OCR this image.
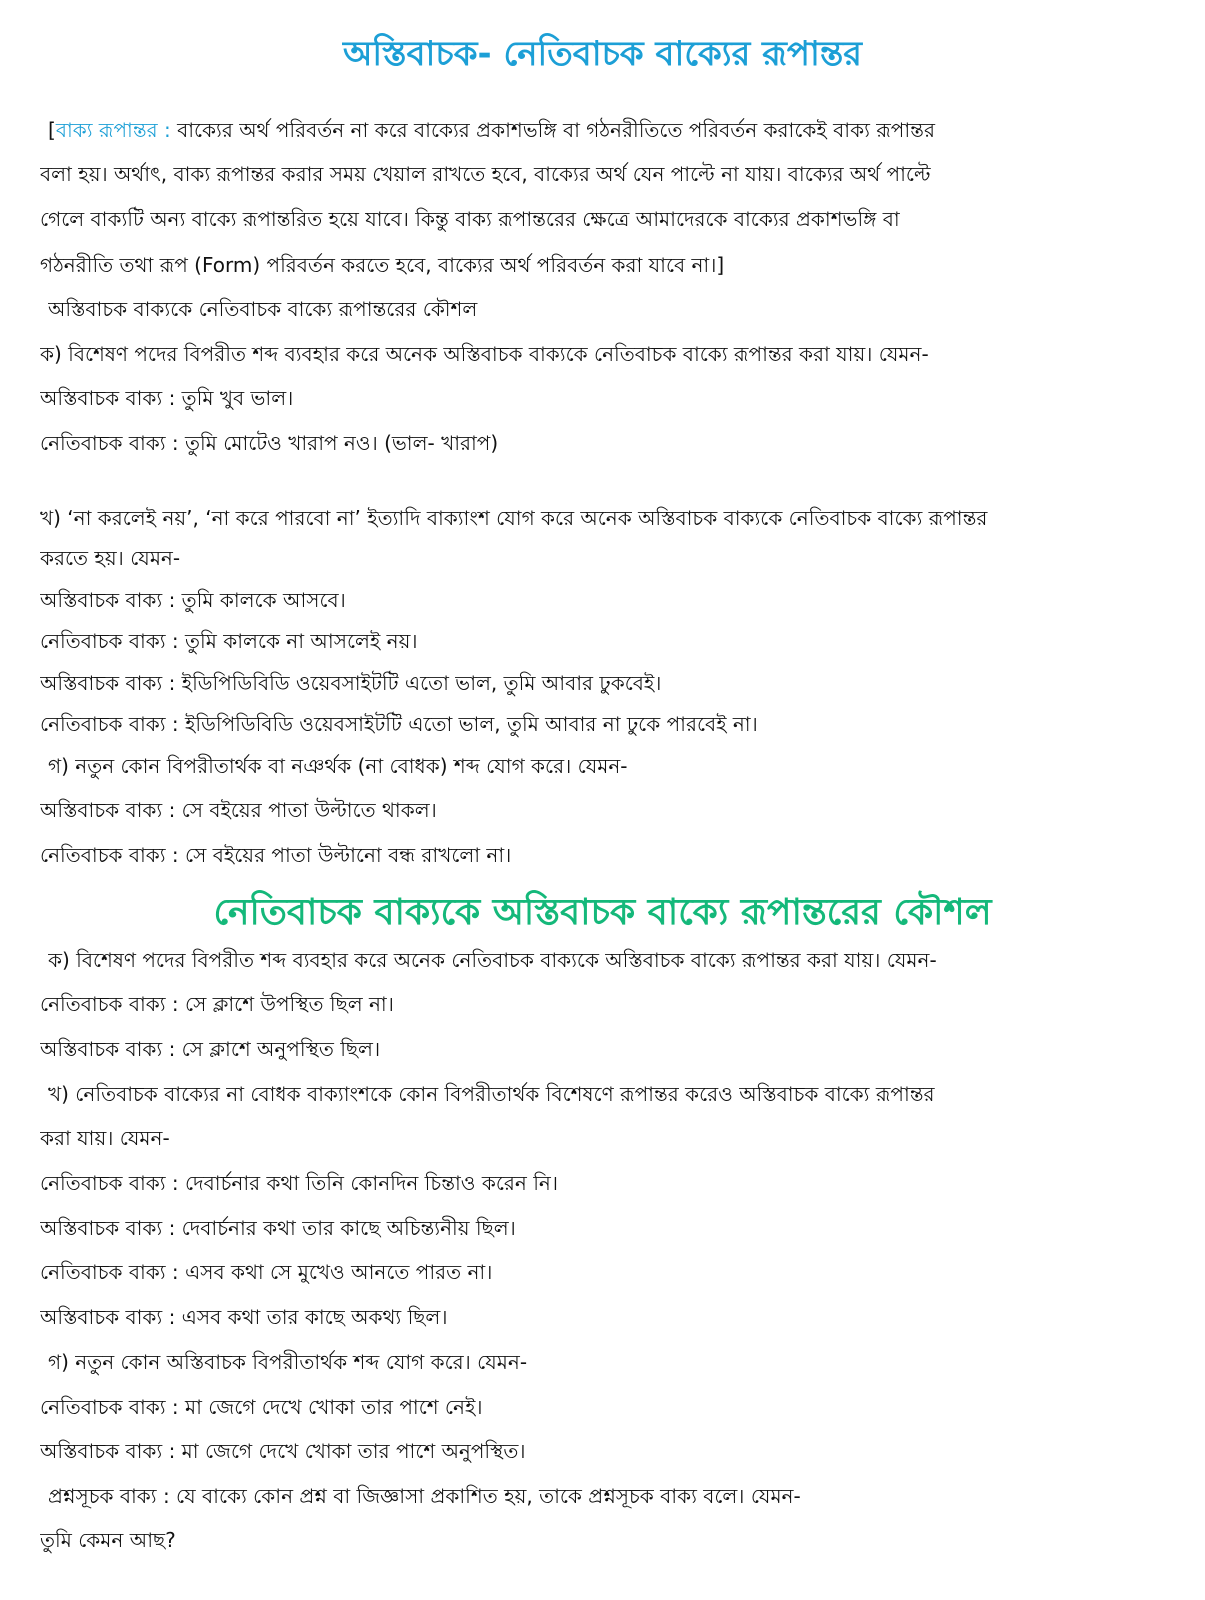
অস্তিবাচক- নেতিবাচক বাক্যের রূপান্তর
[বাক্য রূপান্তর : বাক্যের অর্থ পরিবর্তন না করে বাক্যের প্রকাশভঙ্গি বা গঠনরীতিতে পরিবর্তন করাকেই বাক্য রূপান্তর
বলা হয়। অর্থাৎ, বাক্য রূপান্তর করার সময় খেয়াল রাখতে হবে, বাক্যের অর্থ যেন পাল্টে না যায়। বাক্যের অর্থ পাল্টে
গেলে বাক্যটি অন্য বাক্যে রূপান্তরিত হয়ে যাবে। কিন্তু বাক্য রূপান্তরের ক্ষেত্রে আমাদেরকে বাক্যের প্রকাশভঙ্গি বা
গঠনরীতি তথা রূপ (Form) পরিবর্তন করতে হবে, বাক্যের অর্থ পরিবর্তন করা যাবে না।]
অস্তিবাচক বাক্যকে নেতিবাচক বাক্যে রূপান্তরের কৌশল
ক) বিশেষণ পদের বিপরীত শব্দ ব্যবহার করে অনেক অস্তিবাচক বাক্যকে নেতিবাচক বাক্যে রূপান্তর করা যায়। যেমন-
অস্তিবাচক বাক্য : তুমি খুব ভাল।
নেতিবাচক বাক্য : তুমি মোটেও খারাপ নও। (ভাল- খারাপ)
খ) ‘না করলেই নয়’, ‘না করে পারবো না’ ইত্যাদি বাক্যাংশ যোগ করে অনেক অস্তিবাচক বাক্যকে নেতিবাচক বাক্যে রূপান্তর
করতে হয়। যেমন-
অস্তিবাচক বাক্য : তুমি কালকে আসবে।
নেতিবাচক বাক্য : তুমি কালকে না আসলেই নয়।
অস্তিবাচক বাক্য : ইডিপিডিবিডি ওয়েবসাইটটি এতো ভাল, তুমি আবার ঢুকবেই।
নেতিবাচক বাক্য : ইডিপিডিবিডি ওয়েবসাইটটি এতো ভাল, তুমি আবার না ঢুকে পারবেই না।
গ) নতুন কোন বিপরীতার্থক বা নঞর্থক (না বোধক) শব্দ যোগ করে। যেমন-
অস্তিবাচক বাক্য : সে বইয়ের পাতা উল্টাতে থাকল।
নেতিবাচক বাক্য : সে বইয়ের পাতা উল্টানো বন্ধ রাখলো না।
নেতিবাচক বাক্যকে অস্তিবাচক বাক্যে রূপান্তরের কৌশল
ক) বিশেষণ পদের বিপরীত শব্দ ব্যবহার করে অনেক নেতিবাচক বাক্যকে অস্তিবাচক বাক্যে রূপান্তর করা যায়। যেমন-
নেতিবাচক বাক্য : সে ক্লাশে উপস্থিত ছিল না।
অস্তিবাচক বাক্য : সে ক্লাশে অনুপস্থিত ছিল।
খ) নেতিবাচক বাক্যের না বোধক বাক্যাংশকে কোন বিপরীতার্থক বিশেষণে রূপান্তর করেও অস্তিবাচক বাক্যে রূপান্তর
করা যায়। যেমন-
নেতিবাচক বাক্য : দেবার্চনার কথা তিনি কোনদিন চিন্তাও করেন নি।
অস্তিবাচক বাক্য : দেবার্চনার কথা তার কাছে অচিন্ত্যনীয় ছিল।
নেতিবাচক বাক্য : এসব কথা সে মুখেও আনতে পারত না।
অস্তিবাচক বাক্য : এসব কথা তার কাছে অকথ্য ছিল।
গ) নতুন কোন অস্তিবাচক বিপরীতার্থক শব্দ যোগ করে। যেমন-
নেতিবাচক বাক্য : মা জেগে দেখে খোকা তার পাশে নেই।
অস্তিবাচক বাক্য : মা জেগে দেখে খোকা তার পাশে অনুপস্থিত।
প্রশ্নসূচক বাক্য : যে বাক্যে কোন প্রশ্ন বা জিজ্ঞাসা প্রকাশিত হয়, তাকে প্রশ্নসূচক বাক্য বলে। যেমন-
তুমি কেমন আছ?
